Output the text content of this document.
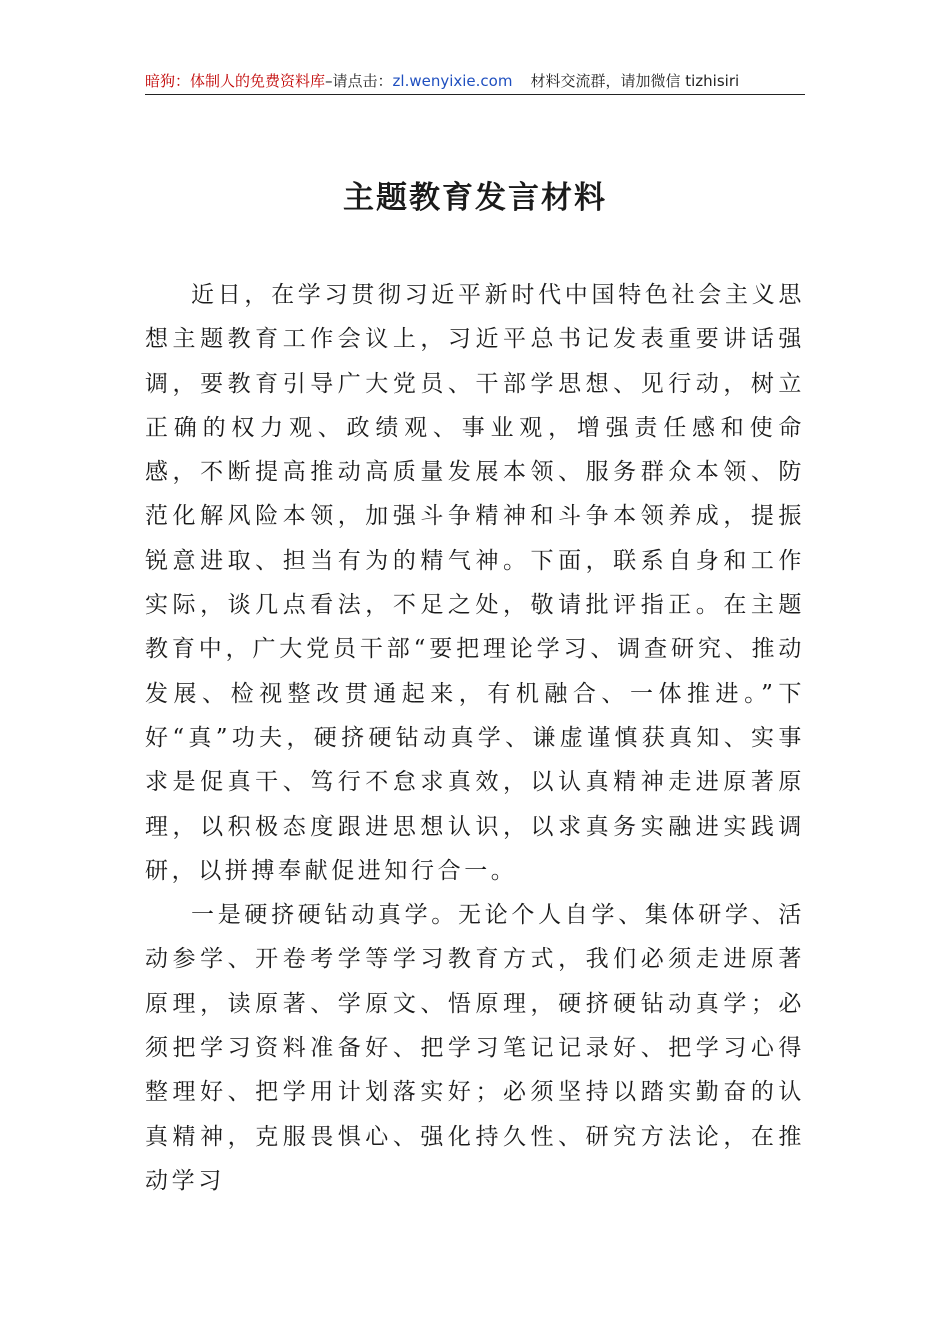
暗狗：体制人的免费资料库–请点击：zl.wenyixie.com 材料交流群，请加微信 tizhisiri
主题教育发言材料

近日，在学习贯彻习近平新时代中国特色社会主义思想主题教育工作会议上，习近平总书记发表重要讲话强调，要教育引导广大党员、干部学思想、见行动，树立正确的权力观、政绩观、事业观，增强责任感和使命感，不断提高推动高质量发展本领、服务群众本领、防范化解风险本领，加强斗争精神和斗争本领养成，提振锐意进取、担当有为的精气神。下面，联系自身和工作实际，谈几点看法，不足之处，敬请批评指正。在主题教育中，广大党员干部“要把理论学习、调查研究、推动发展、检视整改贯通起来，有机融合、一体推进。”下好“真”功夫，硬挤硬钻动真学、谦虚谨慎获真知、实事求是促真干、笃行不怠求真效，以认真精神走进原著原理，以积极态度跟进思想认识，以求真务实融进实践调研，以拼搏奉献促进知行合一。

一是硬挤硬钻动真学。无论个人自学、集体研学、活动参学、开卷考学等学习教育方式，我们必须走进原著原理，读原著、学原文、悟原理，硬挤硬钻动真学；必须把学习资料准备好、把学习笔记记录好、把学习心得整理好、把学用计划落实好；必须坚持以踏实勤奋的认真精神，克服畏惧心、强化持久性、研究方法论，在推动学习
